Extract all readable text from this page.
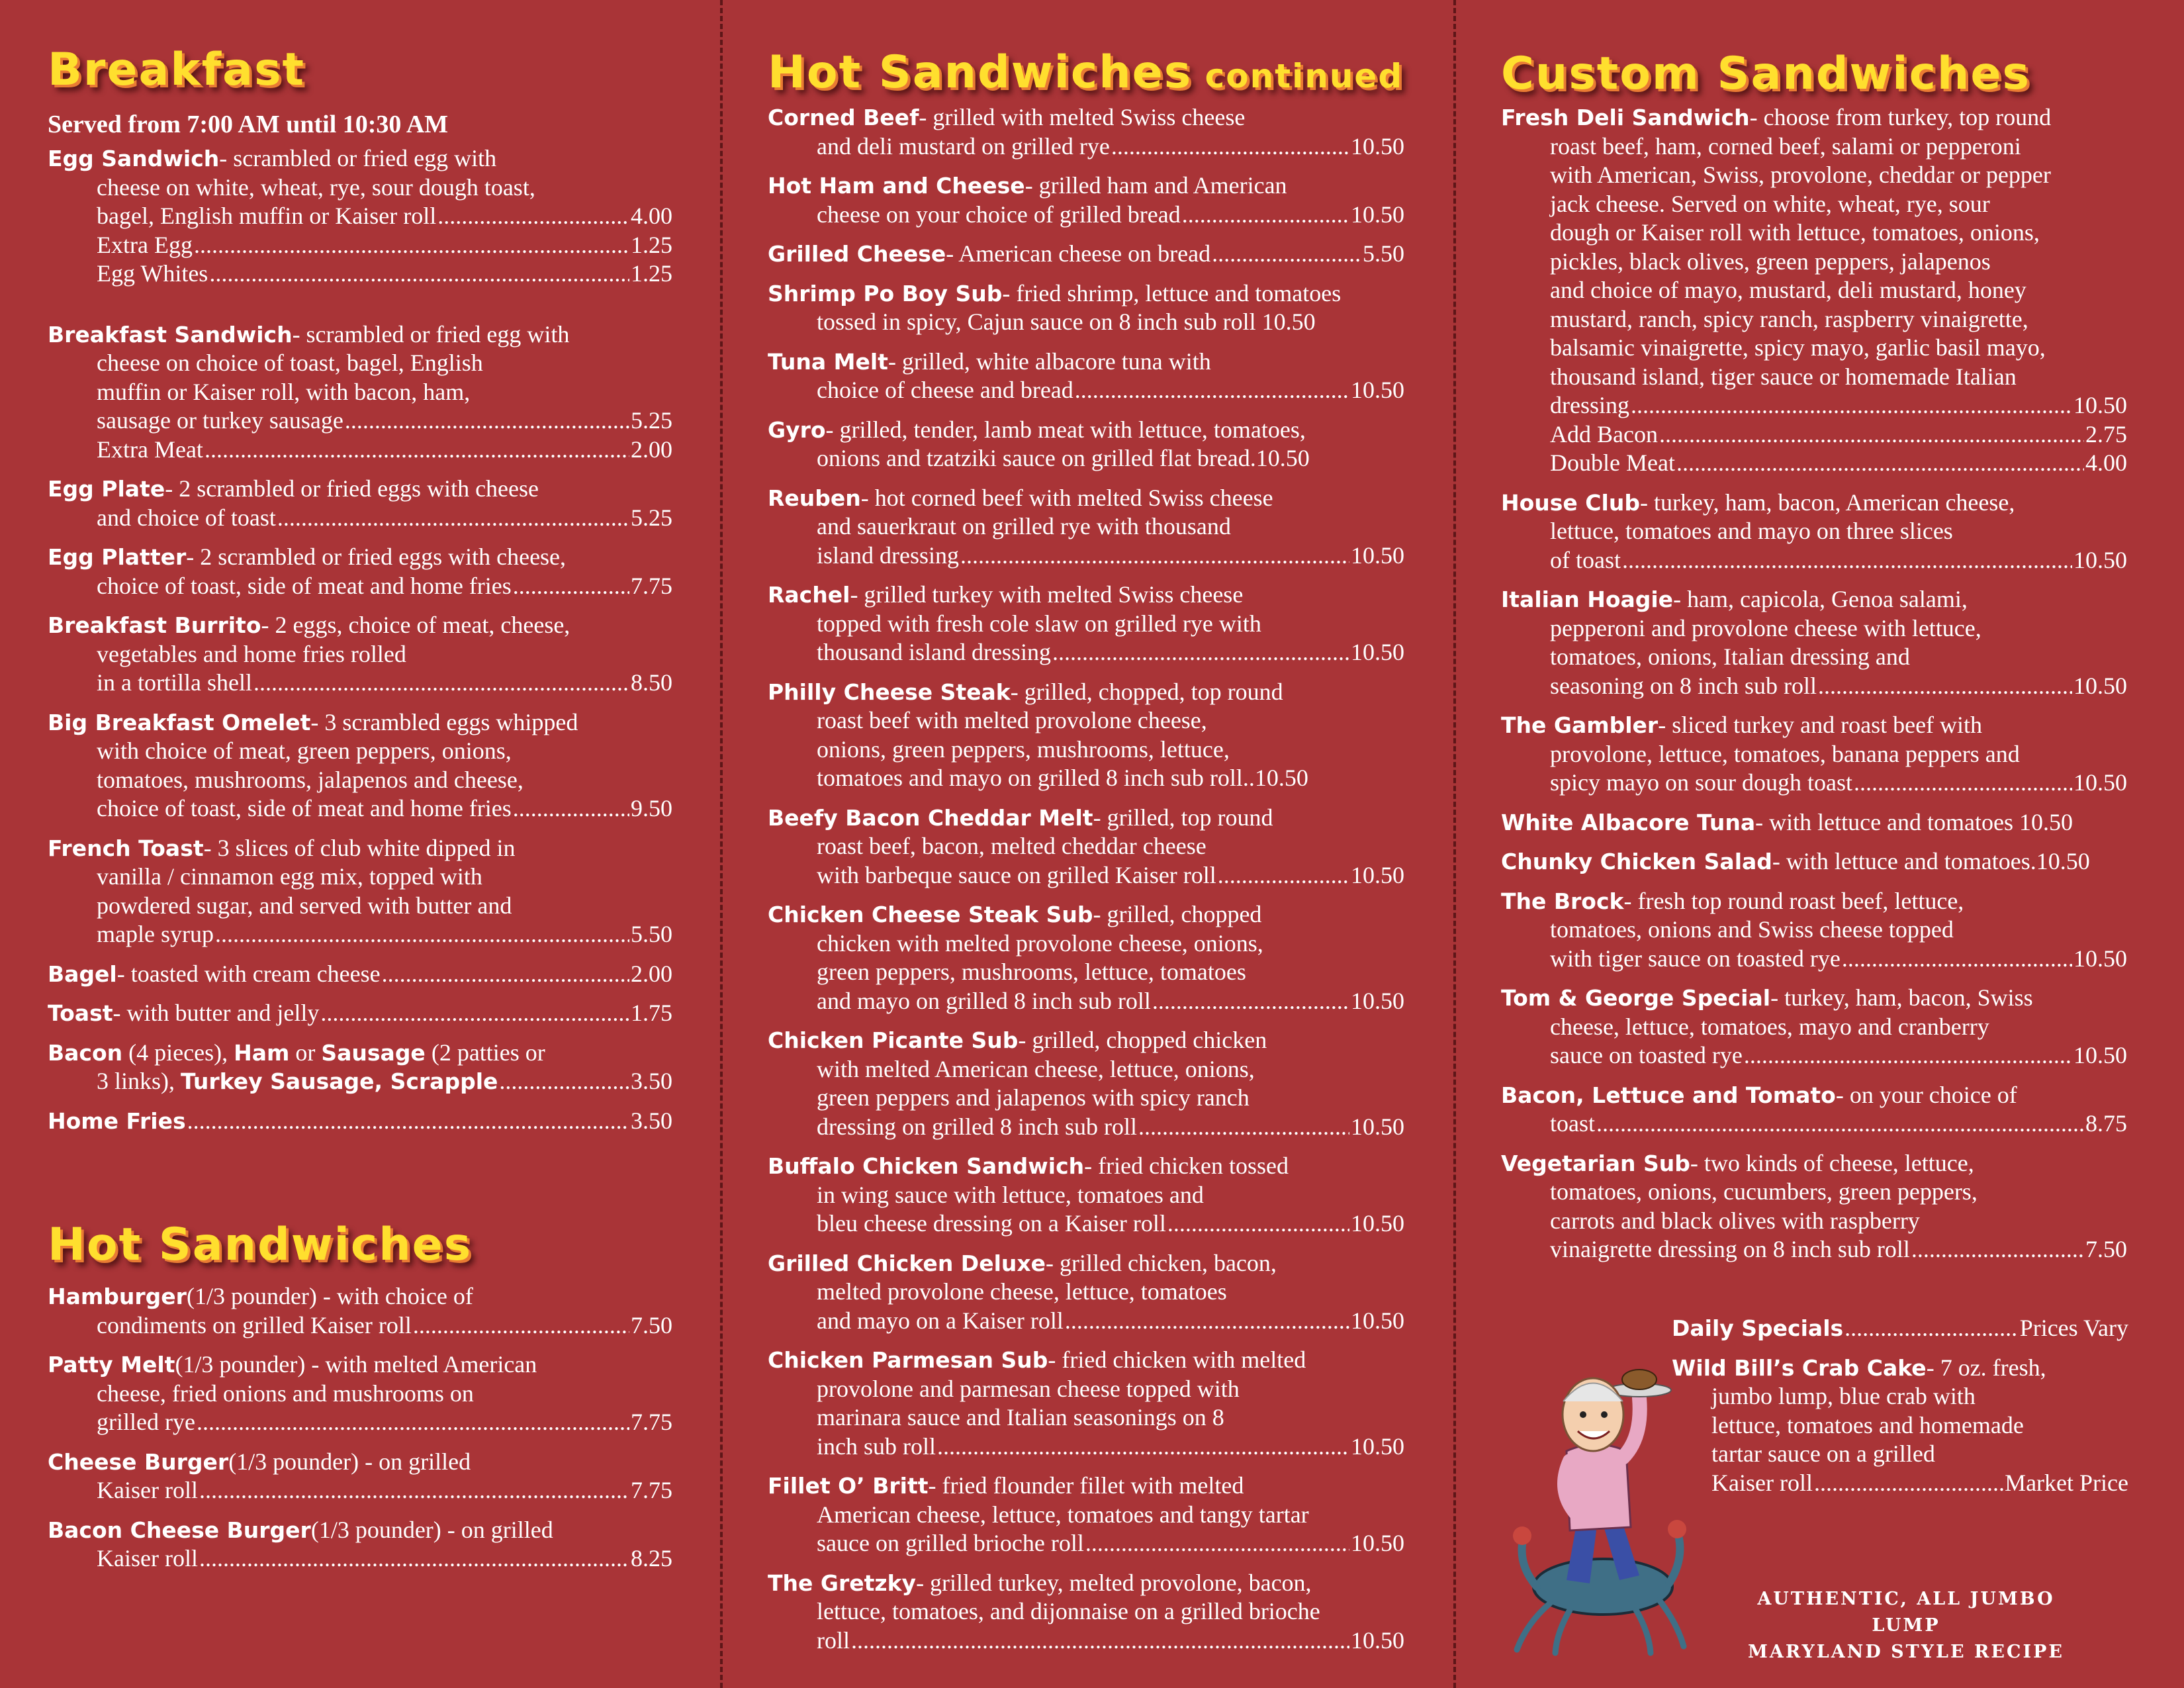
Breakfast
Served from 7:00 AM until 10:30 AM
Egg Sandwich - scrambled or fried egg with
cheese on white, wheat, rye, sour dough toast,
bagel, English muffin or Kaiser roll .....	4.00
Extra Egg .....	1.25
Egg Whites .....	1.25
Breakfast Sandwich - scrambled or fried egg with
cheese on choice of toast, bagel, English
muffin or Kaiser roll, with bacon, ham,
sausage or turkey sausage .....	5.25
Extra Meat .....	2.00
Egg Plate - 2 scrambled or fried eggs with cheese
and choice of toast .....	5.25
Egg Platter - 2 scrambled or fried eggs with cheese,
choice of toast, side of meat and home fries .....	7.75
Breakfast Burrito - 2 eggs, choice of meat, cheese,
vegetables and home fries rolled
in a tortilla shell .....	8.50
Big Breakfast Omelet - 3 scrambled eggs whipped
with choice of meat, green peppers, onions,
tomatoes, mushrooms, jalapenos and cheese,
choice of toast, side of meat and home fries .....	9.50
French Toast - 3 slices of club white dipped in
vanilla / cinnamon egg mix, topped with
powdered sugar, and served with butter and
maple syrup .....	5.50
Bagel - toasted with cream cheese .....	2.00
Toast - with butter and jelly .....	1.75
Bacon (4 pieces), Ham or Sausage (2 patties or
3 links), Turkey Sausage, Scrapple .....	3.50
Home Fries .....	3.50
Hot Sandwiches
Hamburger (1/3 pounder) - with choice of
condiments on grilled Kaiser roll .....	7.50
Patty Melt (1/3 pounder) - with melted American
cheese, fried onions and mushrooms on
grilled rye .....	7.75
Cheese Burger (1/3 pounder) - on grilled
Kaiser roll .....	7.75
Bacon Cheese Burger (1/3 pounder) - on grilled
Kaiser roll .....	8.25
Hot Sandwiches continued
Corned Beef - grilled with melted Swiss cheese
and deli mustard on grilled rye .....	10.50
Hot Ham and Cheese - grilled ham and American
cheese on your choice of grilled bread .....	10.50
Grilled Cheese - American cheese on bread .....	5.50
Shrimp Po Boy Sub - fried shrimp, lettuce and tomatoes
tossed in spicy, Cajun sauce on 8 inch sub roll 10.50
Tuna Melt - grilled, white albacore tuna with
choice of cheese and bread .....	10.50
Gyro - grilled, tender, lamb meat with lettuce, tomatoes,
onions and tzatziki sauce on grilled flat bread.10.50
Reuben - hot corned beef with melted Swiss cheese
and sauerkraut on grilled rye with thousand
island dressing .....	10.50
Rachel - grilled turkey with melted Swiss cheese
topped with fresh cole slaw on grilled rye with
thousand island dressing .....	10.50
Philly Cheese Steak - grilled, chopped, top round
roast beef with melted provolone cheese,
onions, green peppers, mushrooms, lettuce,
tomatoes and mayo on grilled 8 inch sub roll..10.50
Beefy Bacon Cheddar Melt - grilled, top round
roast beef, bacon, melted cheddar cheese
with barbeque sauce on grilled Kaiser roll .....	10.50
Chicken Cheese Steak Sub - grilled, chopped
chicken with melted provolone cheese, onions,
green peppers, mushrooms, lettuce, tomatoes
and mayo on grilled 8 inch sub roll .....	10.50
Chicken Picante Sub - grilled, chopped chicken
with melted American cheese, lettuce, onions,
green peppers and jalapenos with spicy ranch
dressing on grilled 8 inch sub roll .....	10.50
Buffalo Chicken Sandwich - fried chicken tossed
in wing sauce with lettuce, tomatoes and
bleu cheese dressing on a Kaiser roll .....	10.50
Grilled Chicken Deluxe - grilled chicken, bacon,
melted provolone cheese, lettuce, tomatoes
and mayo on a Kaiser roll .....	10.50
Chicken Parmesan Sub - fried chicken with melted
provolone and parmesan cheese topped with
marinara sauce and Italian seasonings on 8
inch sub roll .....	10.50
Fillet O’ Britt - fried flounder fillet with melted
American cheese, lettuce, tomatoes and tangy tartar
sauce on grilled brioche roll .....	10.50
The Gretzky - grilled turkey, melted provolone, bacon,
lettuce, tomatoes, and dijonnaise on a grilled brioche
roll .....	10.50
Custom Sandwiches
Fresh Deli Sandwich - choose from turkey, top round
roast beef, ham, corned beef, salami or pepperoni
with American, Swiss, provolone, cheddar or pepper
jack cheese. Served on white, wheat, rye, sour
dough or Kaiser roll with lettuce, tomatoes, onions,
pickles, black olives, green peppers, jalapenos
and choice of mayo, mustard, deli mustard, honey
mustard, ranch, spicy ranch, raspberry vinaigrette,
balsamic vinaigrette, spicy mayo, garlic basil mayo,
thousand island, tiger sauce or homemade Italian
dressing .....	10.50
Add Bacon .....	2.75
Double Meat .....	4.00
House Club - turkey, ham, bacon, American cheese,
lettuce, tomatoes and mayo on three slices
of toast .....	10.50
Italian Hoagie - ham, capicola, Genoa salami,
pepperoni and provolone cheese with lettuce,
tomatoes, onions, Italian dressing and
seasoning on 8 inch sub roll .....	10.50
The Gambler - sliced turkey and roast beef with
provolone, lettuce, tomatoes, banana peppers and
spicy mayo on sour dough toast .....	10.50
White Albacore Tuna - with lettuce and tomatoes 10.50
Chunky Chicken Salad - with lettuce and tomatoes.10.50
The Brock - fresh top round roast beef, lettuce,
tomatoes, onions and Swiss cheese topped
with tiger sauce on toasted rye .....	10.50
Tom & George Special - turkey, ham, bacon, Swiss
cheese, lettuce, tomatoes, mayo and cranberry
sauce on toasted rye .....	10.50
Bacon, Lettuce and Tomato - on your choice of
toast .....	8.75
Vegetarian Sub - two kinds of cheese, lettuce,
tomatoes, onions, cucumbers, green peppers,
carrots and black olives with raspberry
vinaigrette dressing on 8 inch sub roll .....	7.50
Daily Specials .....	Prices Vary
Wild Bill’s Crab Cake - 7 oz. fresh,
jumbo lump, blue crab with
lettuce, tomatoes and homemade
tartar sauce on a grilled
Kaiser roll .....	Market Price
AUTHENTIC, ALL JUMBO LUMP
MARYLAND STYLE RECIPE
